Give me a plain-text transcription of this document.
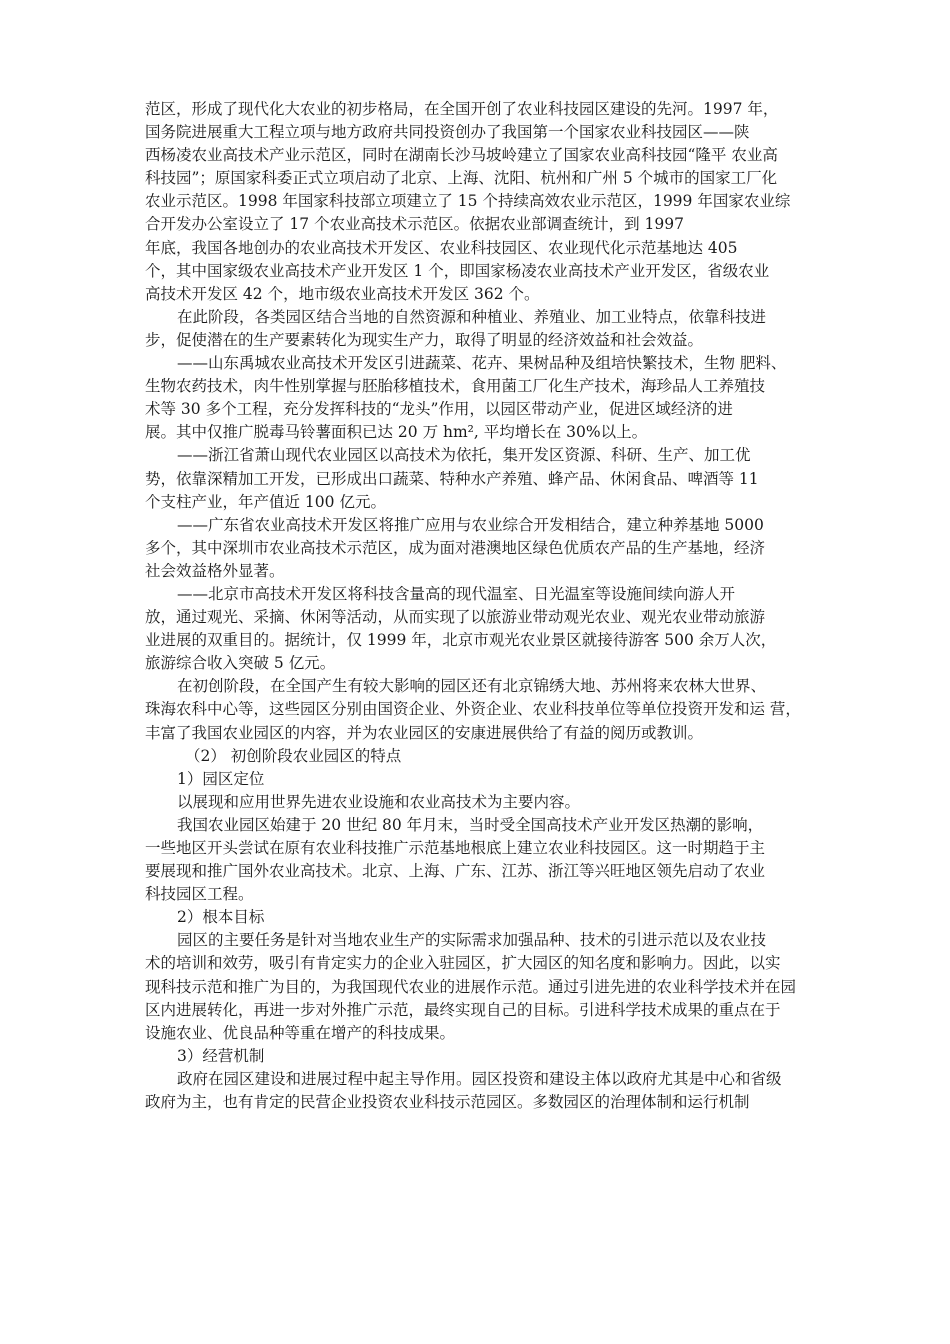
范区，形成了现代化大农业的初步格局，在全国开创了农业科技园区建设的先河。1997 年，
国务院进展重大工程立项与地方政府共同投资创办了我国第一个国家农业科技园区——陕
西杨凌农业高技术产业示范区，同时在湖南长沙马坡岭建立了国家农业高科技园“隆平 农业高
科技园”；原国家科委正式立项启动了北京、上海、沈阳、杭州和广州 5 个城市的国家工厂化
农业示范区。1998 年国家科技部立项建立了 15 个持续高效农业示范区，1999 年国家农业综
合开发办公室设立了 17 个农业高技术示范区。依据农业部调查统计，到 1997
年底，我国各地创办的农业高技术开发区、农业科技园区、农业现代化示范基地达 405
个，其中国家级农业高技术产业开发区 1 个，即国家杨凌农业高技术产业开发区，省级农业
高技术开发区 42 个，地市级农业高技术开发区 362 个。
在此阶段，各类园区结合当地的自然资源和种植业、养殖业、加工业特点，依靠科技进
步，促使潜在的生产要素转化为现实生产力，取得了明显的经济效益和社会效益。
——山东禹城农业高技术开发区引进蔬菜、花卉、果树品种及组培快繁技术，生物 肥料、
生物农药技术，肉牛性别掌握与胚胎移植技术，食用菌工厂化生产技术，海珍品人工养殖技
术等 30 多个工程，充分发挥科技的“龙头”作用，以园区带动产业，促进区域经济的进
展。其中仅推广脱毒马铃薯面积已达 20 万 hm², 平均增长在 30%以上。
——浙江省萧山现代农业园区以高技术为依托，集开发区资源、科研、生产、加工优
势，依靠深精加工开发，已形成出口蔬菜、特种水产养殖、蜂产品、休闲食品、啤酒等 11
个支柱产业，年产值近 100 亿元。
——广东省农业高技术开发区将推广应用与农业综合开发相结合，建立种养基地 5000
多个，其中深圳市农业高技术示范区，成为面对港澳地区绿色优质农产品的生产基地，经济
社会效益格外显著。
——北京市高技术开发区将科技含量高的现代温室、日光温室等设施间续向游人开
放，通过观光、采摘、休闲等活动，从而实现了以旅游业带动观光农业、观光农业带动旅游
业进展的双重目的。据统计，仅 1999 年，北京市观光农业景区就接待游客 500 余万人次，
旅游综合收入突破 5 亿元。
在初创阶段，在全国产生有较大影响的园区还有北京锦绣大地、苏州将来农林大世界、
珠海农科中心等，这些园区分别由国资企业、外资企业、农业科技单位等单位投资开发和运 营，
丰富了我国农业园区的内容，并为农业园区的安康进展供给了有益的阅历或教训。
（2） 初创阶段农业园区的特点
1）园区定位
以展现和应用世界先进农业设施和农业高技术为主要内容。
我国农业园区始建于 20 世纪 80 年月末，当时受全国高技术产业开发区热潮的影响，
一些地区开头尝试在原有农业科技推广示范基地根底上建立农业科技园区。这一时期趋于主
要展现和推广国外农业高技术。北京、上海、广东、江苏、浙江等兴旺地区领先启动了农业
科技园区工程。
2）根本目标
园区的主要任务是针对当地农业生产的实际需求加强品种、技术的引进示范以及农业技
术的培训和效劳，吸引有肯定实力的企业入驻园区，扩大园区的知名度和影响力。因此，以实
现科技示范和推广为目的，为我国现代农业的进展作示范。通过引进先进的农业科学技术并在园
区内进展转化，再进一步对外推广示范，最终实现自己的目标。引进科学技术成果的重点在于
设施农业、优良品种等重在增产的科技成果。
3）经营机制
政府在园区建设和进展过程中起主导作用。园区投资和建设主体以政府尤其是中心和省级
政府为主，也有肯定的民营企业投资农业科技示范园区。多数园区的治理体制和运行机制
